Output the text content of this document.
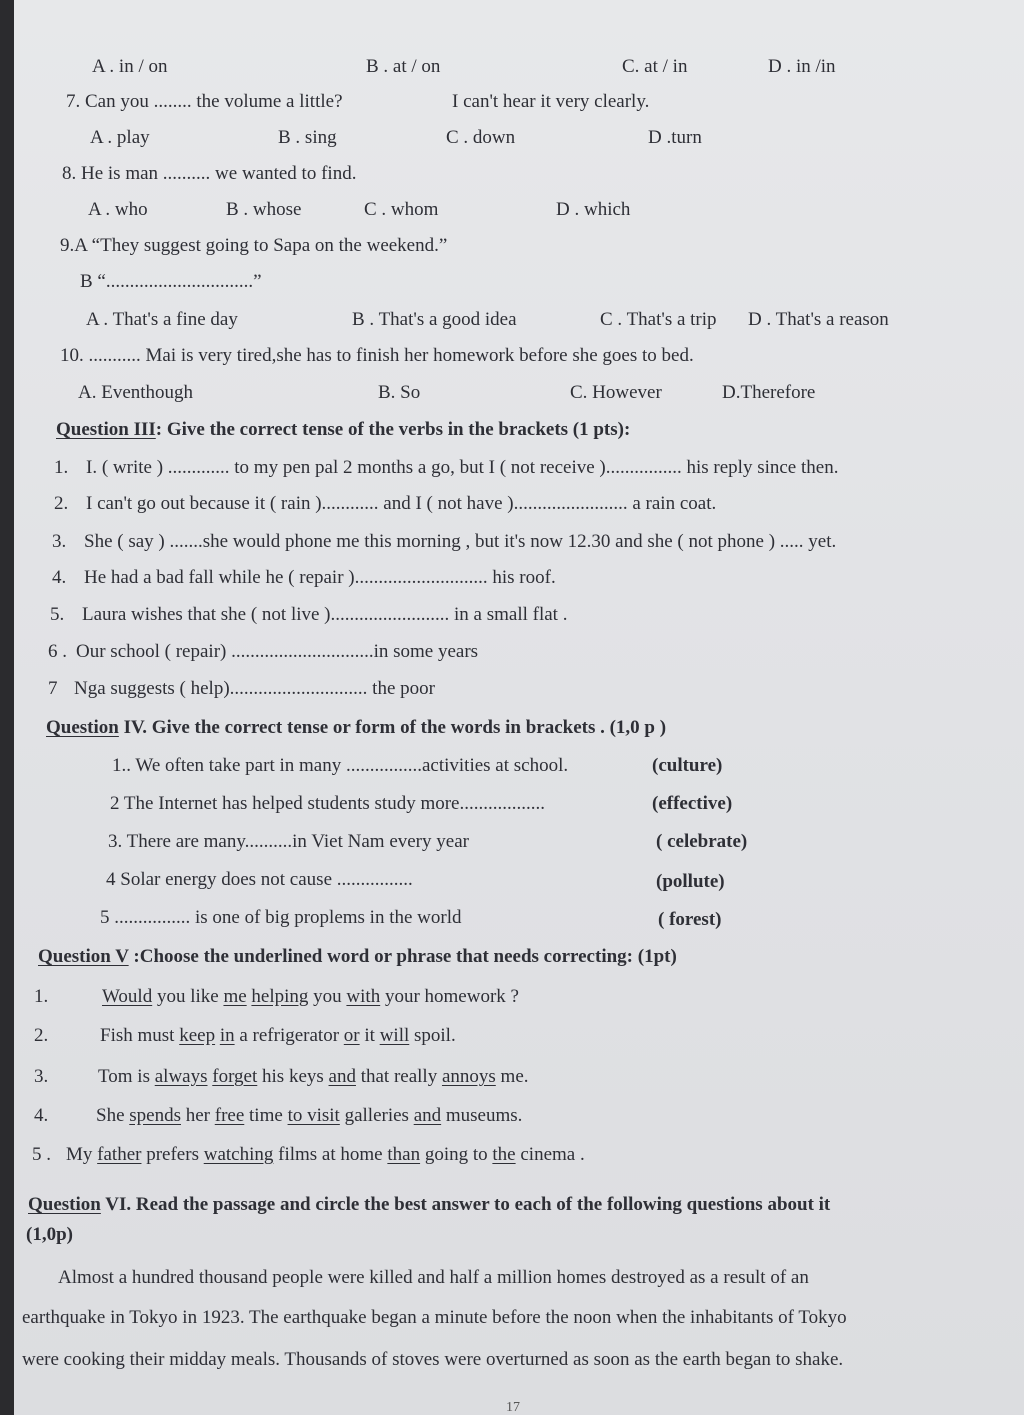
A . in / on	B . at / on	C. at / in	D . in /in
7. Can you ........ the volume a little?	I can't hear it very clearly.
A . play	B . sing	C . down	D .turn
8. He is man .......... we wanted to find.
A . who	B . whose	C . whom	D . which
9.A “They suggest going to Sapa on the weekend.”
B “...............................”
A . That's a fine day	B . That's a good idea	C . That's a trip D . That's a reason
10. ........... Mai is very tired,she has to finish her homework before she goes to bed.
A. Eventhough	B. So	C. However	D.Therefore
Question III: Give the correct tense of the verbs in the brackets (1 pts):
1. I. ( write ) ............. to my pen pal 2 months a go, but I ( not receive )................ his reply since then.
2. I can't go out because it ( rain )............ and I ( not have )........................ a rain coat.
3. She ( say ) .......she would phone me this morning , but it's now 12.30 and she ( not phone ) ..... yet.
4. He had a bad fall while he ( repair )............................ his roof.
5. Laura wishes that she ( not live )......................... in a small flat .
6 . Our school ( repair) ..............................in some years
7 Nga suggests ( help)............................. the poor
Question IV. Give the correct tense or form of the words in brackets . (1,0 p )
1.. We often take part in many ................activities at school.	(culture)
2 The Internet has helped students study more..................	(effective)
3. There are many..........in Viet Nam every year	( celebrate)
4 Solar energy does not cause ................	(pollute)
5 ................ is one of big proplems in the world	( forest)
Question V :Choose the underlined word or phrase that needs correcting: (1pt)
1.	Would you like me helping you with your homework ?
2.	Fish must keep in a refrigerator or it will spoil.
3.	Tom is always forget his keys and that really annoys me.
4.	She spends her free time to visit galleries and museums.
5 . My father prefers watching films at home than going to the cinema .
Question VI. Read the passage and circle the best answer to each of the following questions about it
(1,0p)
Almost a hundred thousand people were killed and half a million homes destroyed as a result of an
earthquake in Tokyo in 1923. The earthquake began a minute before the noon when the inhabitants of Tokyo
were cooking their midday meals. Thousands of stoves were overturned as soon as the earth began to shake.
17
